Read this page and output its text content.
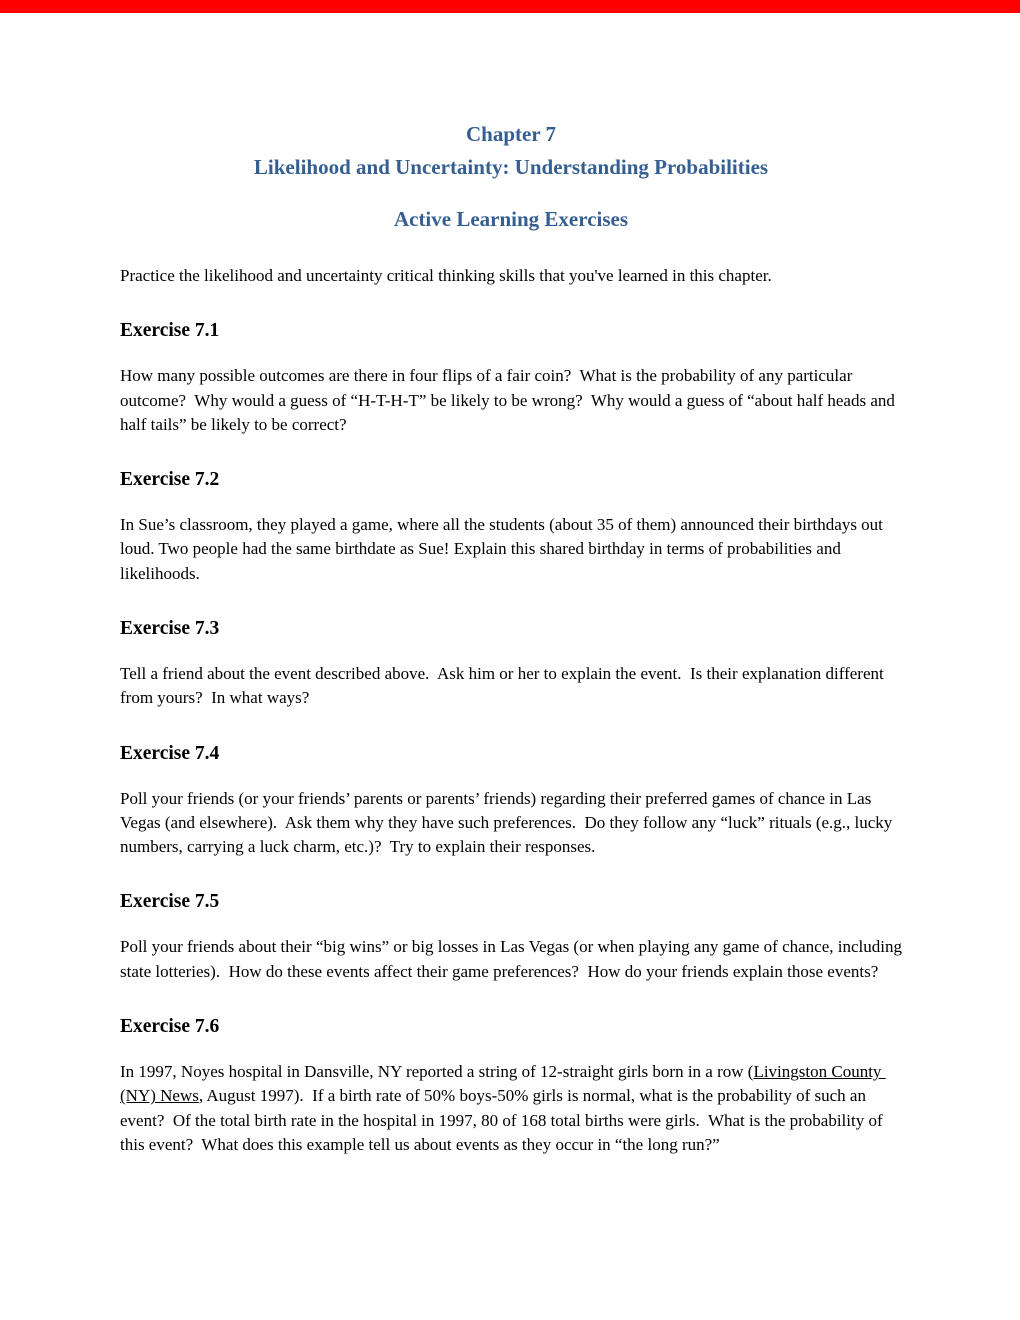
Chapter 7
Likelihood and Uncertainty: Understanding Probabilities
Active Learning Exercises

Practice the likelihood and uncertainty critical thinking skills that you've learned in this chapter.

Exercise 7.1

How many possible outcomes are there in four flips of a fair coin?  What is the probability of any particular outcome?  Why would a guess of “H-T-H-T” be likely to be wrong?  Why would a guess of “about half heads and half tails” be likely to be correct?

Exercise 7.2

In Sue’s classroom, they played a game, where all the students (about 35 of them) announced their birthdays out loud. Two people had the same birthdate as Sue! Explain this shared birthday in terms of probabilities and likelihoods.

Exercise 7.3

Tell a friend about the event described above.  Ask him or her to explain the event.  Is their explanation different from yours?  In what ways?

Exercise 7.4

Poll your friends (or your friends’ parents or parents’ friends) regarding their preferred games of chance in Las Vegas (and elsewhere).  Ask them why they have such preferences.  Do they follow any “luck” rituals (e.g., lucky numbers, carrying a luck charm, etc.)?  Try to explain their responses.

Exercise 7.5

Poll your friends about their “big wins” or big losses in Las Vegas (or when playing any game of chance, including state lotteries).  How do these events affect their game preferences?  How do your friends explain those events?

Exercise 7.6

In 1997, Noyes hospital in Dansville, NY reported a string of 12-straight girls born in a row (Livingston County (NY) News, August 1997).  If a birth rate of 50% boys-50% girls is normal, what is the probability of such an event?  Of the total birth rate in the hospital in 1997, 80 of 168 total births were girls.  What is the probability of this event?  What does this example tell us about events as they occur in “the long run?”
